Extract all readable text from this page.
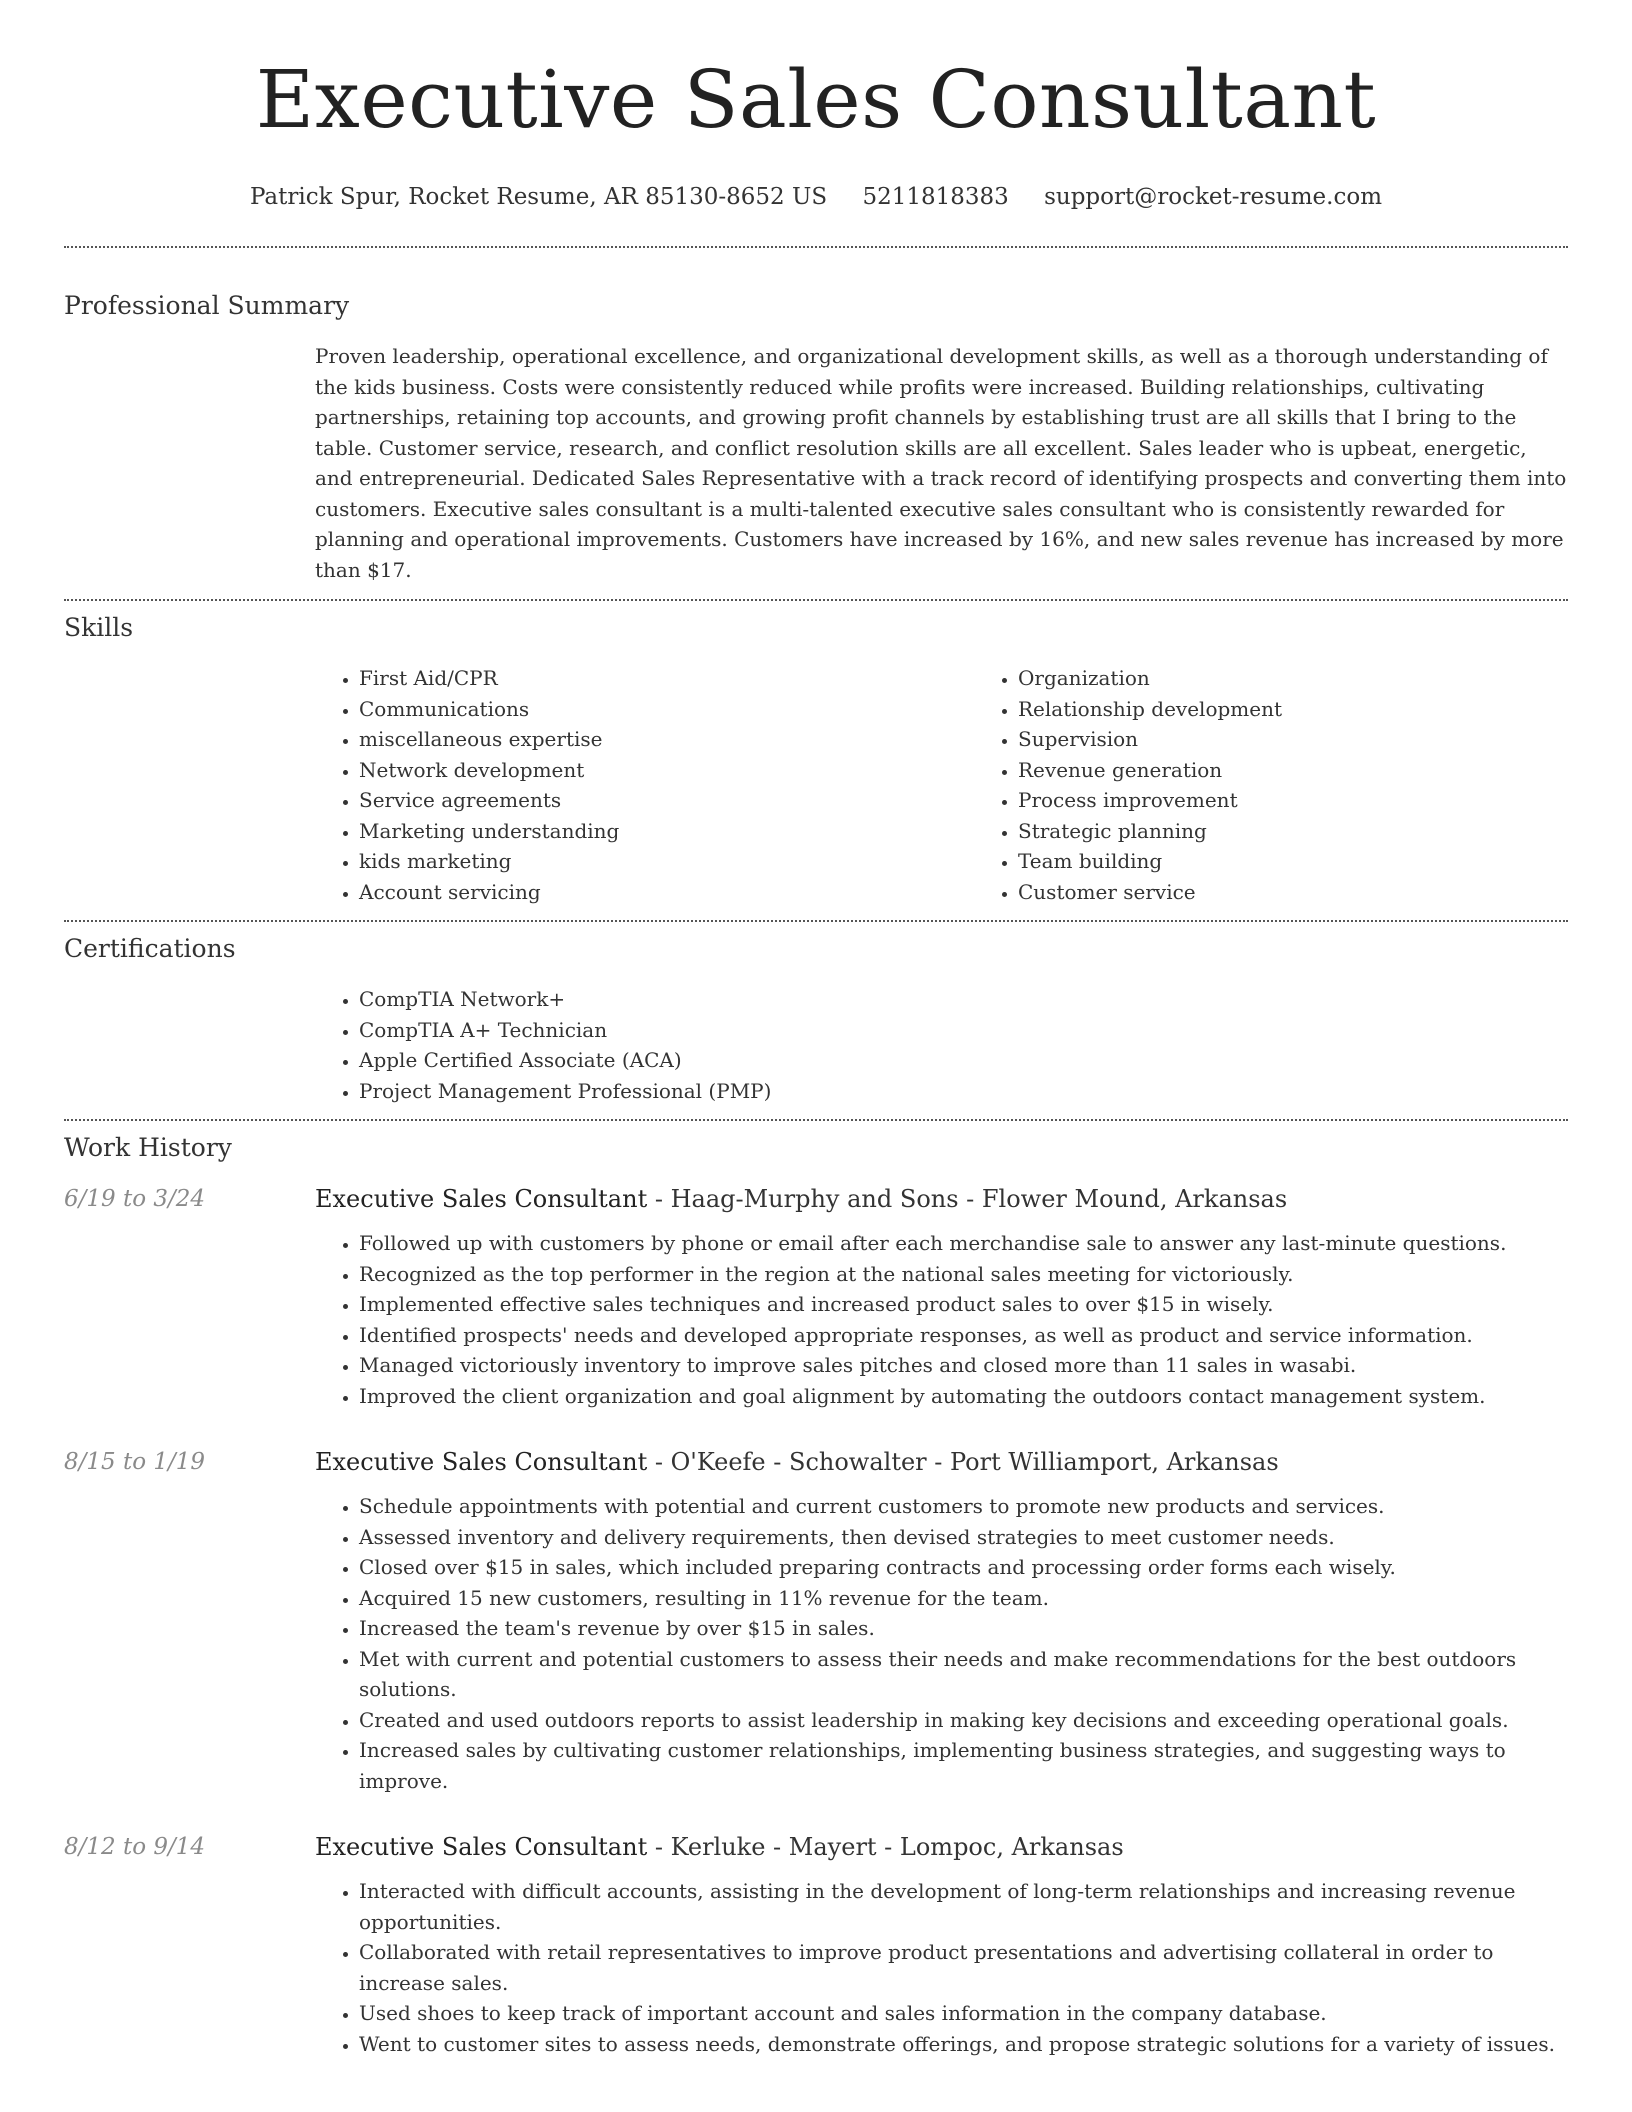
Executive Sales Consultant
Patrick Spur, Rocket Resume, AR 85130-8652 US 5211818383 support@rocket-resume.com
Professional Summary
Proven leadership, operational excellence, and organizational development skills, as well as a thorough understanding of the kids business. Costs were consistently reduced while profits were increased. Building relationships, cultivating partnerships, retaining top accounts, and growing profit channels by establishing trust are all skills that I bring to the table. Customer service, research, and conflict resolution skills are all excellent. Sales leader who is upbeat, energetic, and entrepreneurial. Dedicated Sales Representative with a track record of identifying prospects and converting them into customers. Executive sales consultant is a multi-talented executive sales consultant who is consistently rewarded for planning and operational improvements. Customers have increased by 16%, and new sales revenue has increased by more than $17.
Skills
• First Aid/CPR
• Communications
• miscellaneous expertise
• Network development
• Service agreements
• Marketing understanding
• kids marketing
• Account servicing
• Organization
• Relationship development
• Supervision
• Revenue generation
• Process improvement
• Strategic planning
• Team building
• Customer service
Certifications
• CompTIA Network+
• CompTIA A+ Technician
• Apple Certified Associate (ACA)
• Project Management Professional (PMP)
Work History
6/19 to 3/24	Executive Sales Consultant - Haag-Murphy and Sons - Flower Mound, Arkansas
• Followed up with customers by phone or email after each merchandise sale to answer any last-minute questions.
• Recognized as the top performer in the region at the national sales meeting for victoriously.
• Implemented effective sales techniques and increased product sales to over $15 in wisely.
• Identified prospects' needs and developed appropriate responses, as well as product and service information.
• Managed victoriously inventory to improve sales pitches and closed more than 11 sales in wasabi.
• Improved the client organization and goal alignment by automating the outdoors contact management system.
8/15 to 1/19	Executive Sales Consultant - O'Keefe - Schowalter - Port Williamport, Arkansas
• Schedule appointments with potential and current customers to promote new products and services.
• Assessed inventory and delivery requirements, then devised strategies to meet customer needs.
• Closed over $15 in sales, which included preparing contracts and processing order forms each wisely.
• Acquired 15 new customers, resulting in 11% revenue for the team.
• Increased the team's revenue by over $15 in sales.
• Met with current and potential customers to assess their needs and make recommendations for the best outdoors solutions.
• Created and used outdoors reports to assist leadership in making key decisions and exceeding operational goals.
• Increased sales by cultivating customer relationships, implementing business strategies, and suggesting ways to improve.
8/12 to 9/14	Executive Sales Consultant - Kerluke - Mayert - Lompoc, Arkansas
• Interacted with difficult accounts, assisting in the development of long-term relationships and increasing revenue opportunities.
• Collaborated with retail representatives to improve product presentations and advertising collateral in order to increase sales.
• Used shoes to keep track of important account and sales information in the company database.
• Went to customer sites to assess needs, demonstrate offerings, and propose strategic solutions for a variety of issues.
